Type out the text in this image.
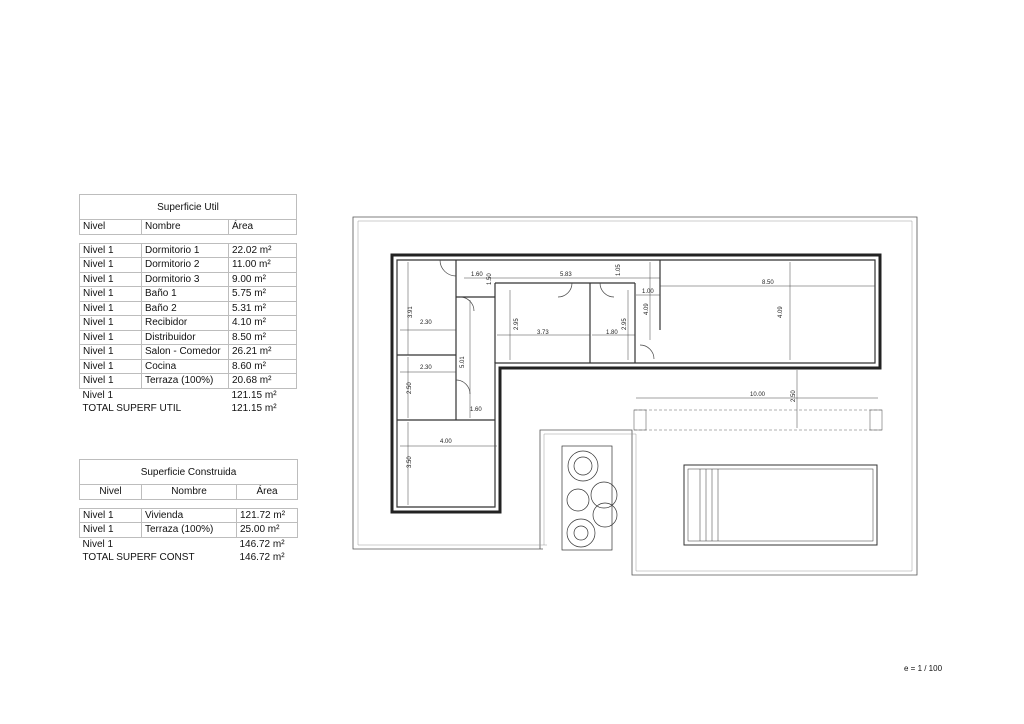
Superficie Util		
Nivel	Nombre	Área

Nivel 1	Dormitorio 1	22.02 m²
Nivel 1	Dormitorio 2	11.00 m²
Nivel 1	Dormitorio 3	9.00 m²
Nivel 1	Baño 1	5.75 m²
Nivel 1	Baño 2	5.31 m²
Nivel 1	Recibidor	4.10 m²
Nivel 1	Distribuidor	8.50 m²
Nivel 1	Salon - Comedor	26.21 m²
Nivel 1	Cocina	8.60 m²
Nivel 1	Terraza (100%)	20.68 m²
Nivel 1		121.15 m²
TOTAL SUPERF UTIL		121.15 m²
Superficie Construida		
Nivel	Nombre	Área

Nivel 1	Vivienda	121.72 m²
Nivel 1	Terraza (100%)	25.00 m²
Nivel 1		146.72 m²
TOTAL SUPERF CONST		146.72 m²
1.60 1.50	5.83	1.05
8.50
1.00
3.91
2.30	2.95
3.73
2.95
4.09	4.09
1.80
5.01
2.30
2.50
1.60
10.00	2.50
4.00
3.50
e = 1 / 100
